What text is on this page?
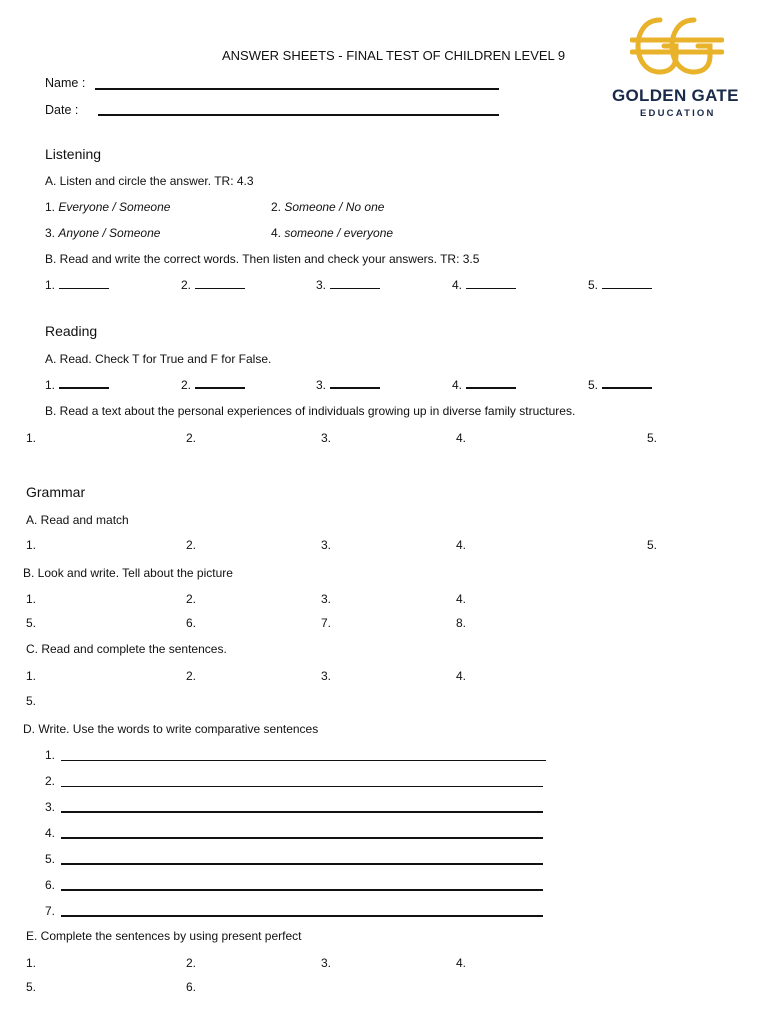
ANSWER SHEETS - FINAL TEST OF CHILDREN LEVEL 9
Name :
Date :
GOLDEN GATE
EDUCATION
Listening
A. Listen and circle the answer. TR: 4.3
1. Everyone / Someone	2. Someone / No one
3. Anyone / Someone	4. someone / everyone
B. Read and write the correct words. Then listen and check your answers. TR: 3.5
1.	2.	3.	4.	5.
Reading
A. Read. Check T for True and F for False.
1.	2.	3.	4.	5.
B. Read a text about the personal experiences of individuals growing up in diverse family structures.
1.	2.	3.	4.	5.
Grammar
A. Read and match
1.	2.	3.	4.	5.
B. Look and write. Tell about the picture
1.	2.	3.	4.
5.	6.	7.	8.
C. Read and complete the sentences.
1.	2.	3.	4.
5.
D. Write. Use the words to write comparative sentences
1.
2.
3.
4.
5.
6.
7.
E. Complete the sentences by using present perfect
1.	2.	3.	4.
5.	6.
